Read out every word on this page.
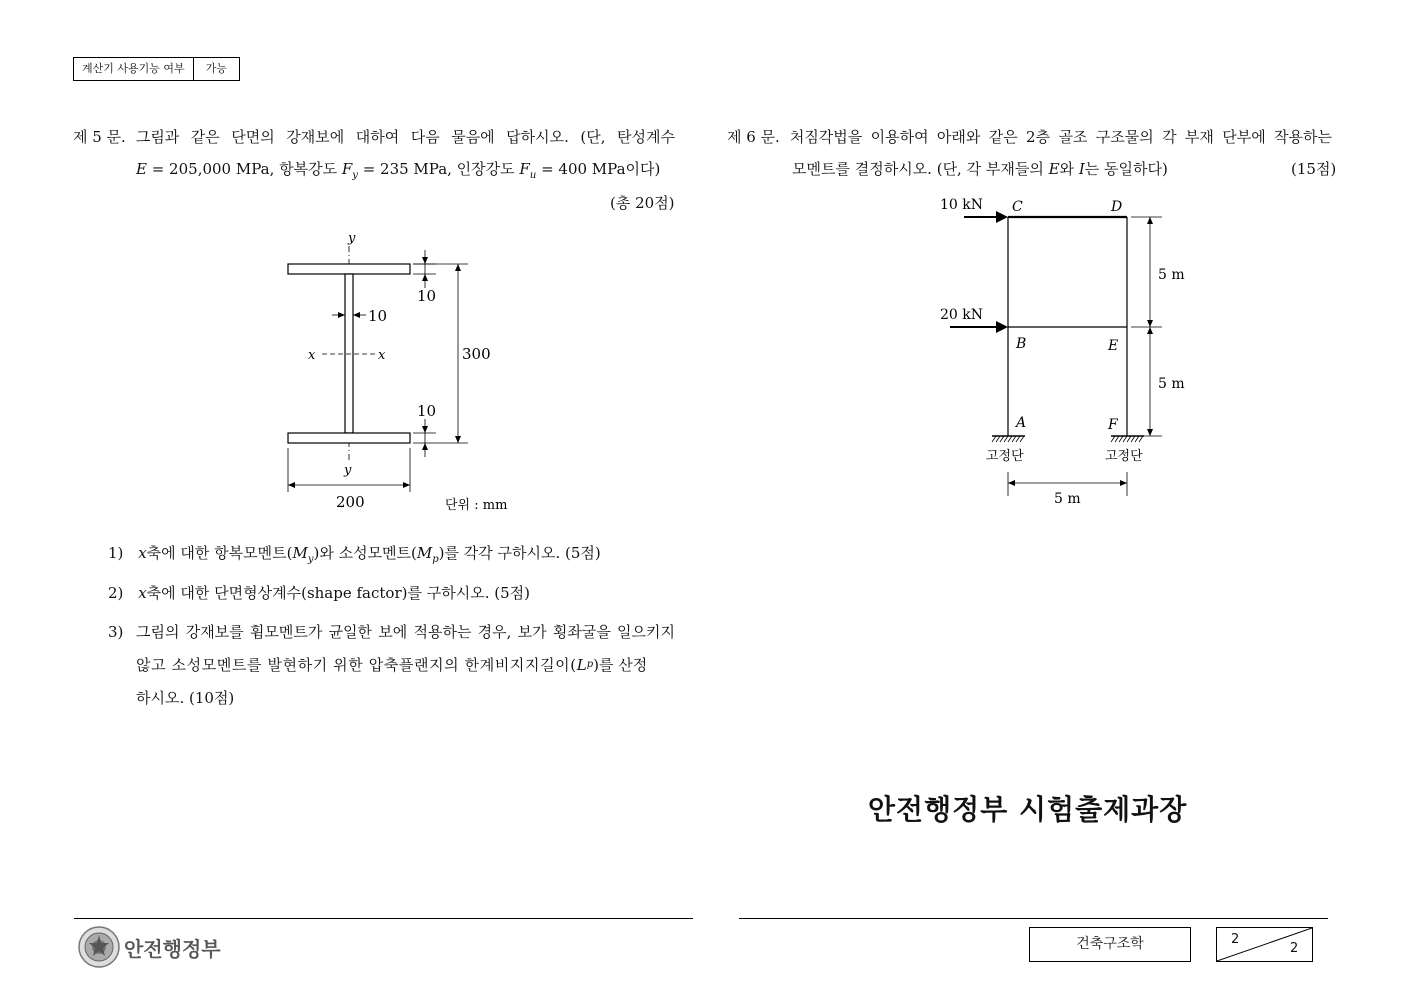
계산기 사용기능 여부	가능
제 5 문. 그림과 같은 단면의 강재보에 대하여 다음 물음에 답하시오. (단, 탄성계수
E = 205,000 MPa, 항복강도 $F_y = 235$ MPa, 인장강도 $F_u = 400$ MPa이다)
(총 20점)
y
x	x
y
10
10
300
10
200	단위 : mm
1) x축에 대한 항복모멘트$(M_y)$와 소성모멘트$(M_p)$를 각각 구하시오. (5점)
2) x축에 대한 단면형상계수(shape factor)를 구하시오. (5점)
3) 그림의 강재보를 휨모멘트가 균일한 보에 적용하는 경우, 보가 횡좌굴을 일으키지
않고 소성모멘트를 발현하기 위한 압축플랜지의 한계비지지길이( L p )를 산정
하시오. (10점)
제 6 문. 처짐각법을 이용하여 아래와 같은 2층 골조 구조물의 각 부재 단부에 작용하는
모멘트를 결정하시오. (단, 각 부재들의 E와 I는 동일하다)	(15점)
10 kN
20 kN
C	D
B	E
A	F
고정단	고정단
5 m
5 m
5 m
안전행정부 시험출제과장
안전행정부	건축구조학	2
2
